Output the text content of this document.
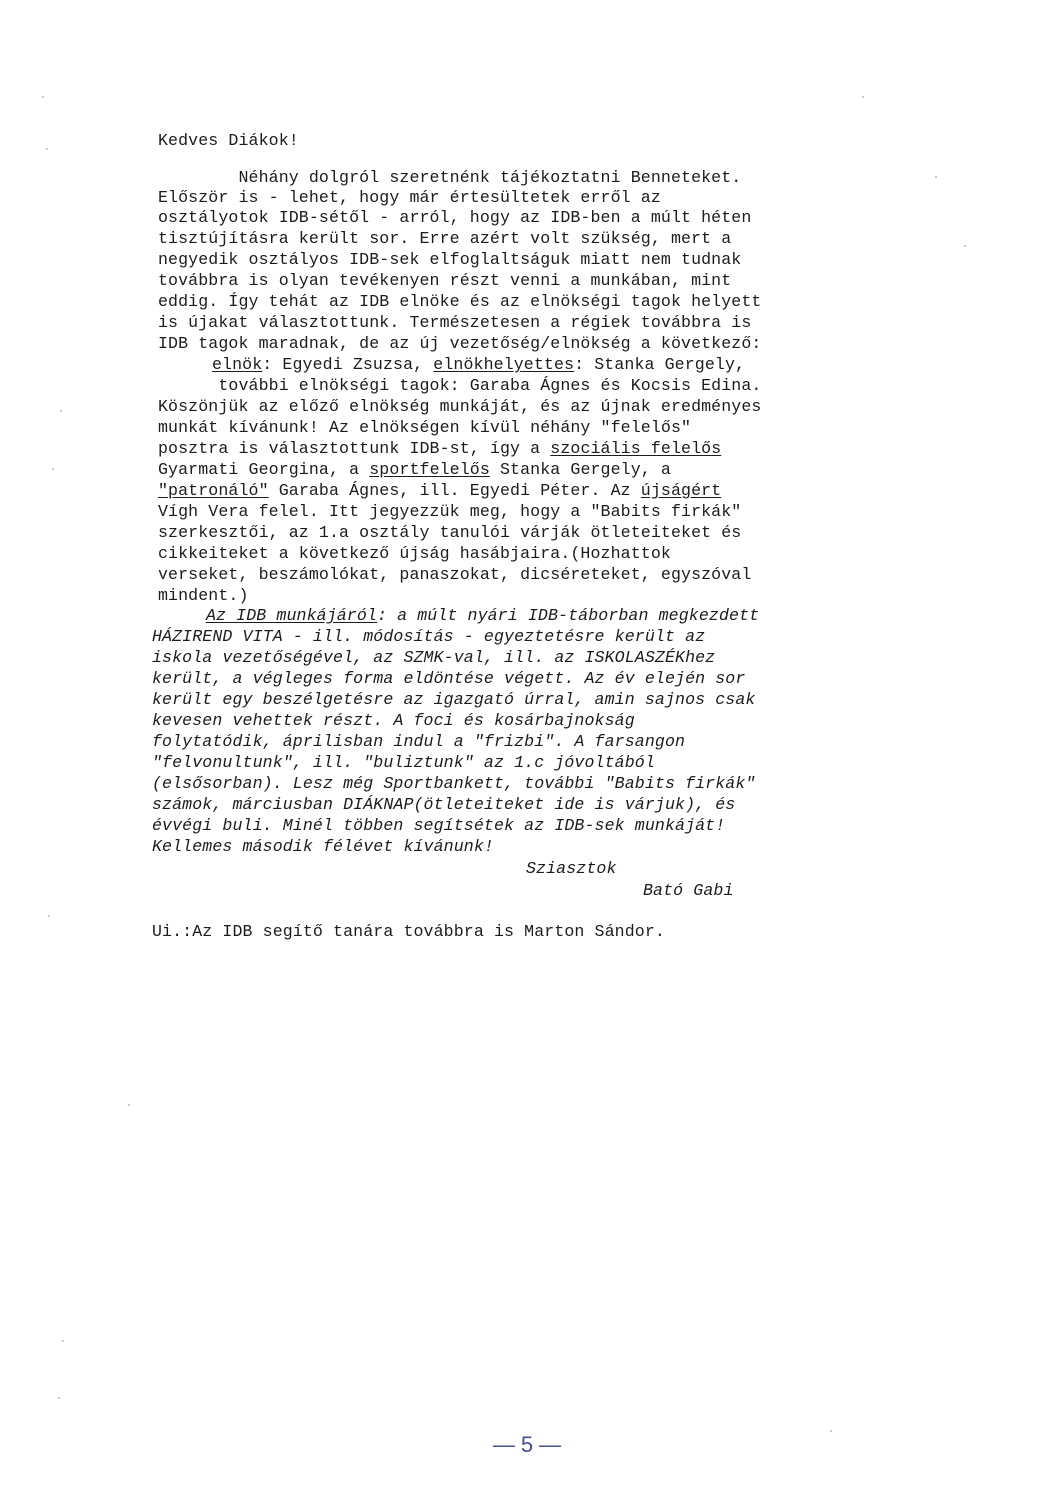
Kedves Diákok!
Néhány dolgról szeretnénk tájékoztatni Benneteket.
Először is - lehet, hogy már értesültetek erről az
osztályotok IDB-sétől - arról, hogy az IDB-ben a múlt héten
tisztújításra került sor. Erre azért volt szükség, mert a
negyedik osztályos IDB-sek elfoglaltságuk miatt nem tudnak
továbbra is olyan tevékenyen részt venni a munkában, mint
eddig. Így tehát az IDB elnöke és az elnökségi tagok helyett
is újakat választottunk. Természetesen a régiek továbbra is
IDB tagok maradnak, de az új vezetőség/elnökség a következő:
elnök: Egyedi Zsuzsa, elnökhelyettes: Stanka Gergely,
további elnökségi tagok: Garaba Ágnes és Kocsis Edina.
Köszönjük az előző elnökség munkáját, és az újnak eredményes
munkát kívánunk! Az elnökségen kívül néhány "felelős"
posztra is választottunk IDB-st, így a szociális felelős
Gyarmati Georgina, a sportfelelős Stanka Gergely, a
"patronáló" Garaba Ágnes, ill. Egyedi Péter. Az újságért
Vígh Vera felel. Itt jegyezzük meg, hogy a "Babits firkák"
szerkesztői, az 1.a osztály tanulói várják ötleteiteket és
cikkeiteket a következő újság hasábjaira.(Hozhattok
verseket, beszámolókat, panaszokat, dicséreteket, egyszóval
mindent.)
Az IDB munkájáról: a múlt nyári IDB-táborban megkezdett
HÁZIREND VITA - ill. módosítás - egyeztetésre került az
iskola vezetőségével, az SZMK-val, ill. az ISKOLASZÉKhez
került, a végleges forma eldöntése végett. Az év elején sor
került egy beszélgetésre az igazgató úrral, amin sajnos csak
kevesen vehettek részt. A foci és kosárbajnokság
folytatódik, áprilisban indul a "frizbi". A farsangon
"felvonultunk", ill. "buliztunk" az 1.c jóvoltából
(elsősorban). Lesz még Sportbankett, további "Babits firkák"
számok, márciusban DIÁKNAP(ötleteiteket ide is várjuk), és
évvégi buli. Minél többen segítsétek az IDB-sek munkáját!
Kellemes második félévet kívánunk!
Sziasztok
Bató Gabi
Ui.:Az IDB segítő tanára továbbra is Marton Sándor.
—5—
